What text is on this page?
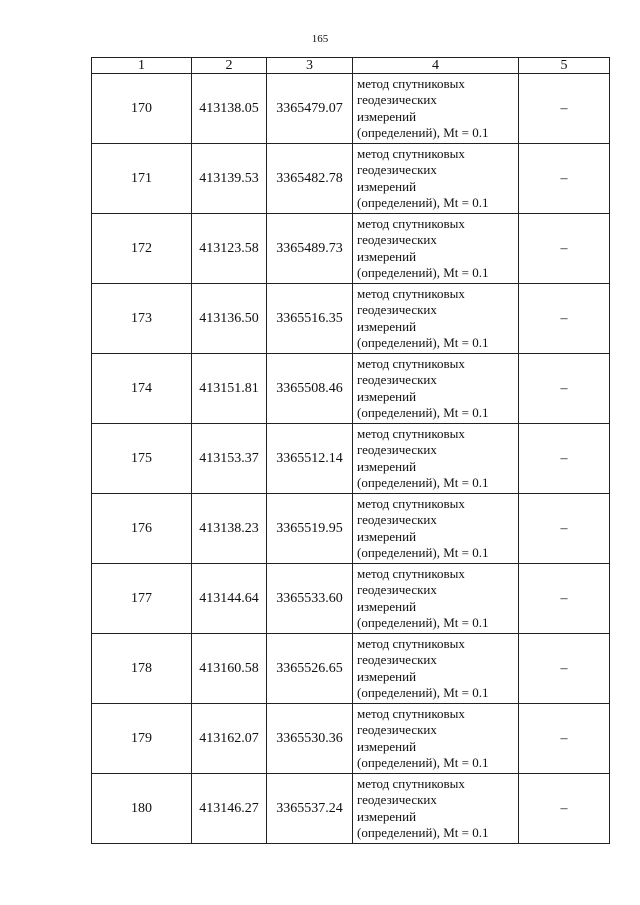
165
1	2	3	4	5
170	413138.05	3365479.07	метод спутниковых
геодезических
измерений
(определений), Mt = 0.1	–
171	413139.53	3365482.78	метод спутниковых
геодезических
измерений
(определений), Mt = 0.1	–
172	413123.58	3365489.73	метод спутниковых
геодезических
измерений
(определений), Mt = 0.1	–
173	413136.50	3365516.35	метод спутниковых
геодезических
измерений
(определений), Mt = 0.1	–
174	413151.81	3365508.46	метод спутниковых
геодезических
измерений
(определений), Mt = 0.1	–
175	413153.37	3365512.14	метод спутниковых
геодезических
измерений
(определений), Mt = 0.1	–
176	413138.23	3365519.95	метод спутниковых
геодезических
измерений
(определений), Mt = 0.1	–
177	413144.64	3365533.60	метод спутниковых
геодезических
измерений
(определений), Mt = 0.1	–
178	413160.58	3365526.65	метод спутниковых
геодезических
измерений
(определений), Mt = 0.1	–
179	413162.07	3365530.36	метод спутниковых
геодезических
измерений
(определений), Mt = 0.1	–
180	413146.27	3365537.24	метод спутниковых
геодезических
измерений
(определений), Mt = 0.1	–
